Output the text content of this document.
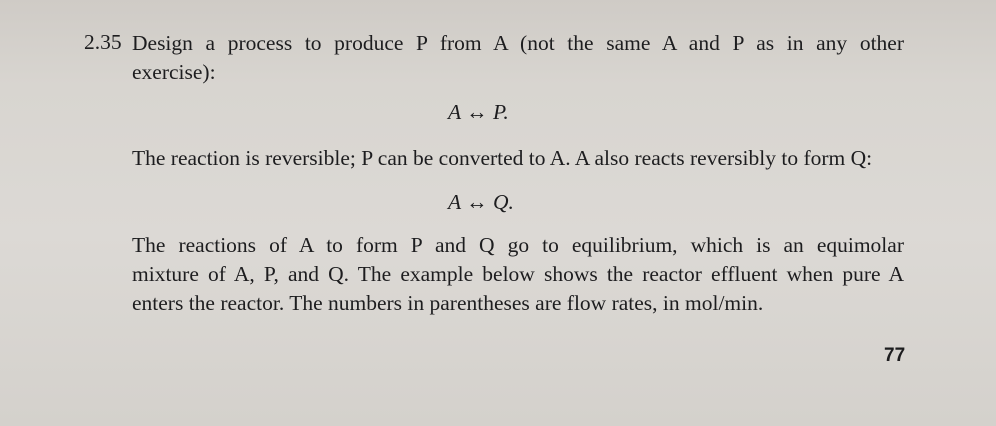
2.35 Design a process to produce P from A (not the same A and P as in any other
exercise):
A ↔ P.
The reaction is reversible; P can be converted to A. A also reacts reversibly to form Q:
A ↔ Q.
The reactions of A to form P and Q go to equilibrium, which is an equimolar
mixture of A, P, and Q. The example below shows the reactor effluent when pure A
enters the reactor. The numbers in parentheses are flow rates, in mol/min.
77
